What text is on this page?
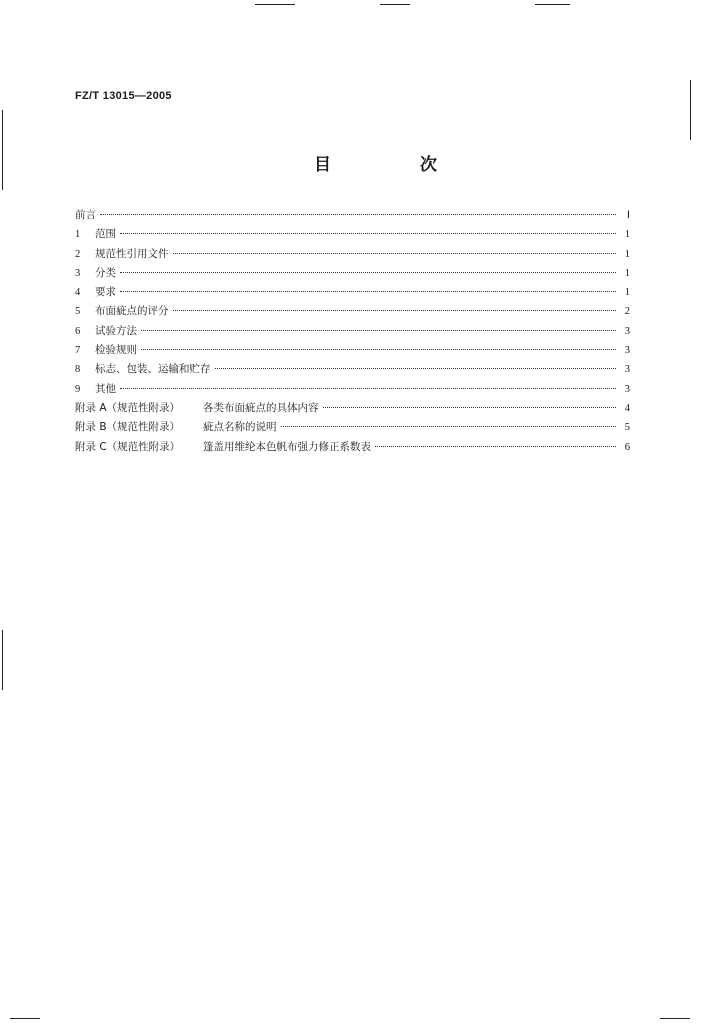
FZ/T 13015—2005
目　次
前言	Ⅰ
1	范围	1
2	规范性引用文件	1
3	分类	1
4	要求	1
5	布面疵点的评分	2
6	试验方法	3
7	检验规则	3
8	标志、包装、运输和贮存	3
9	其他	3
附录 A（规范性附录）	各类布面疵点的具体内容	4
附录 B（规范性附录）	疵点名称的说明	5
附录 C（规范性附录）	篷盖用维纶本色帆布强力修正系数表	6
